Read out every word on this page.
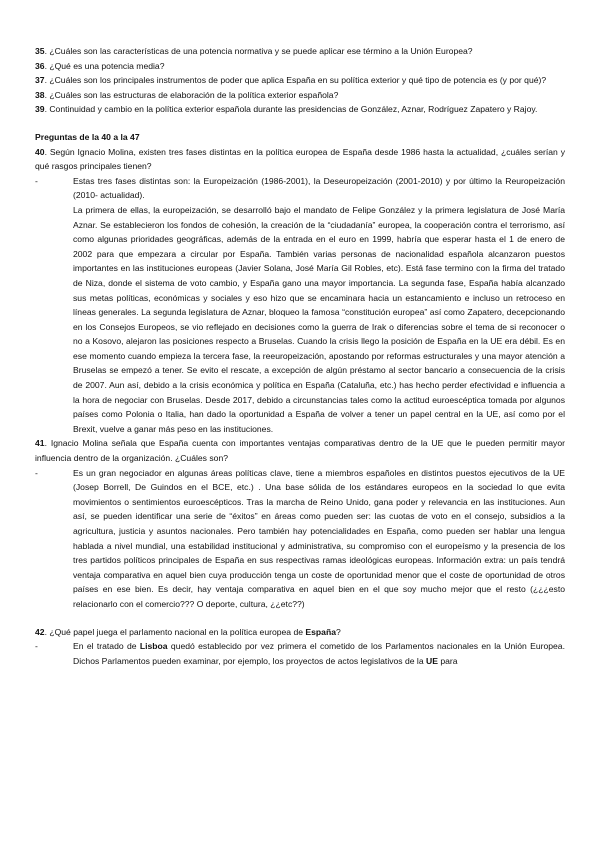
35. ¿Cuáles son las características de una potencia normativa y se puede aplicar ese término a la Unión Europea?

36. ¿Qué es una potencia media?

37. ¿Cuáles son los principales instrumentos de poder que aplica España en su política exterior y qué tipo de potencia es (y por qué)?

38. ¿Cuáles son las estructuras de elaboración de la política exterior española?

39. Continuidad y cambio en la política exterior española durante las presidencias de González, Aznar, Rodríguez Zapatero y Rajoy.

Preguntas de la 40 a la 47

40. Según Ignacio Molina, existen tres fases distintas en la política europea de España desde 1986 hasta la actualidad, ¿cuáles serían y qué rasgos principales tienen?

-	Estas tres fases distintas son: la Europeización (1986-2001), la Deseuropeización (2001-2010) y por último la Reuropeización (2010- actualidad).

La primera de ellas, la europeización, se desarrolló bajo el mandato de Felipe González y la primera legislatura de José María Aznar. Se establecieron los fondos de cohesión, la creación de la “ciudadanía” europea, la cooperación contra el terrorismo, así como algunas prioridades geográficas, además de la entrada en el euro en 1999, habría que esperar hasta el 1 de enero de 2002 para que empezara a circular por España. También varias personas de nacionalidad española alcanzaron puestos importantes en las instituciones europeas (Javier Solana, José María Gil Robles, etc). Está fase termino con la firma del tratado de Niza, donde el sistema de voto cambio, y España gano una mayor importancia. La segunda fase, España había alcanzado sus metas políticas, económicas y sociales y eso hizo que se encaminara hacia un estancamiento e incluso un retroceso en líneas generales. La segunda legislatura de Aznar, bloqueo la famosa “constitución europea” así como Zapatero, decepcionando en los Consejos Europeos, se vio reflejado en decisiones como la guerra de Irak o diferencias sobre el tema de si reconocer o no a Kosovo, alejaron las posiciones respecto a Bruselas. Cuando la crisis llego la posición de España en la UE era débil. Es en ese momento cuando empieza la tercera fase, la reeuropeización, apostando por reformas estructurales y una mayor atención a Bruselas se empezó a tener. Se evito el rescate, a excepción de algún préstamo al sector bancario a consecuencia de la crisis de 2007. Aun así, debido a la crisis económica y política en España (Cataluña, etc.) has hecho perder efectividad e influencia a la hora de negociar con Bruselas. Desde 2017, debido a circunstancias tales como la actitud euroescéptica tomada por algunos países como Polonia o Italia, han dado la oportunidad a España de volver a tener un papel central en la UE, así como por el Brexit, vuelve a ganar más peso en las instituciones.

41. Ignacio Molina señala que España cuenta con importantes ventajas comparativas dentro de la UE que le pueden permitir mayor influencia dentro de la organización. ¿Cuáles son?

-	Es un gran negociador en algunas áreas políticas clave, tiene a miembros españoles en distintos puestos ejecutivos de la UE (Josep Borrell, De Guindos en el BCE, etc.) . Una base sólida de los estándares europeos en la sociedad lo que evita movimientos o sentimientos euroescépticos. Tras la marcha de Reino Unido, gana poder y relevancia en las instituciones. Aun así, se pueden identificar una serie de “éxitos” en áreas como pueden ser: las cuotas de voto en el consejo, subsidios a la agricultura, justicia y asuntos nacionales. Pero también hay potencialidades en España, como pueden ser hablar una lengua hablada a nivel mundial, una estabilidad institucional y administrativa, su compromiso con el europeísmo y la presencia de los tres partidos políticos principales de España en sus respectivas ramas ideológicas europeas. Información extra: un país tendrá ventaja comparativa en aquel bien cuya producción tenga un coste de oportunidad menor que el coste de oportunidad de otros países en ese bien. Es decir, hay ventaja comparativa en aquel bien en el que soy mucho mejor que el resto (¿¿¿esto relacionarlo con el comercio??? O deporte, cultura, ¿¿etc??)

42. ¿Qué papel juega el parlamento nacional en la política europea de España?

-	En el tratado de Lisboa quedó establecido por vez primera el cometido de los Parlamentos nacionales en la Unión Europea. Dichos Parlamentos pueden examinar, por ejemplo, los proyectos de actos legislativos de la UE para
